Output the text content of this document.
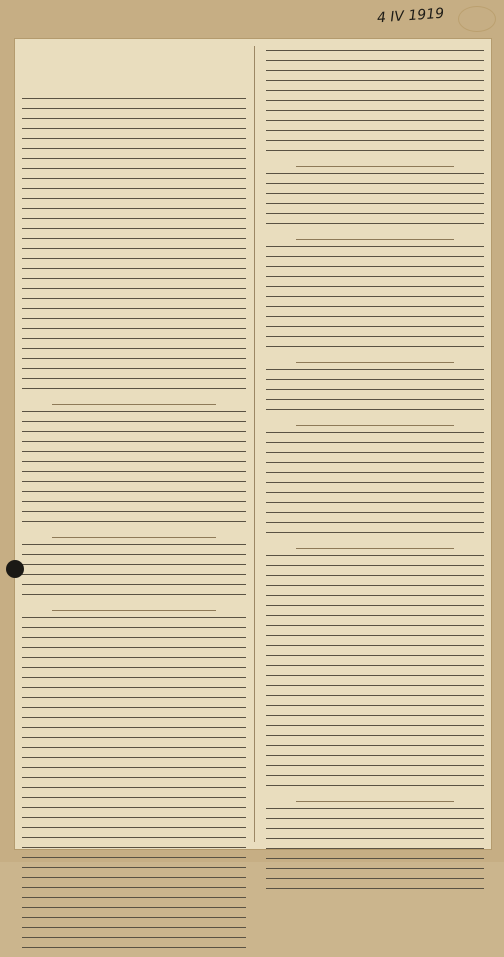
4 IV 1919
